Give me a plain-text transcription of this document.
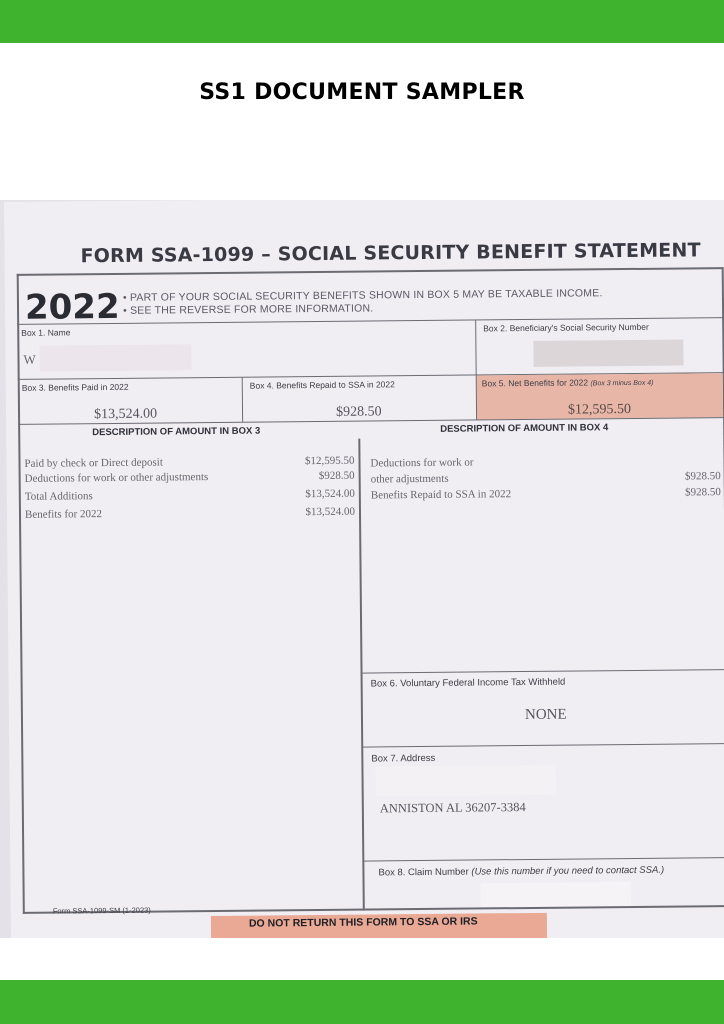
SS1 DOCUMENT SAMPLER
FORM SSA-1099 – SOCIAL SECURITY BENEFIT STATEMENT
2022 • PART OF YOUR SOCIAL SECURITY BENEFITS SHOWN IN BOX 5 MAY BE TAXABLE INCOME.
• SEE THE REVERSE FOR MORE INFORMATION.
Box 1. Name
W
Box 2. Beneficiary's Social Security Number
Box 3. Benefits Paid in 2022
$13,524.00
Box 4. Benefits Repaid to SSA in 2022
$928.50
Box 5. Net Benefits for 2022 (Box 3 minus Box 4)
$12,595.50
DESCRIPTION OF AMOUNT IN BOX 3	DESCRIPTION OF AMOUNT IN BOX 4
Paid by check or Direct deposit	$12,595.50
Deductions for work or other adjustments	$928.50
Total Additions	$13,524.00
Benefits for 2022	$13,524.00
Deductions for work or
other adjustments	$928.50
Benefits Repaid to SSA in 2022	$928.50
Box 6. Voluntary Federal Income Tax Withheld
NONE
Box 7. Address
ANNISTON AL 36207-3384
Box 8. Claim Number (Use this number if you need to contact SSA.)
Form SSA-1099-SM (1-2023)
DO NOT RETURN THIS FORM TO SSA OR IRS
